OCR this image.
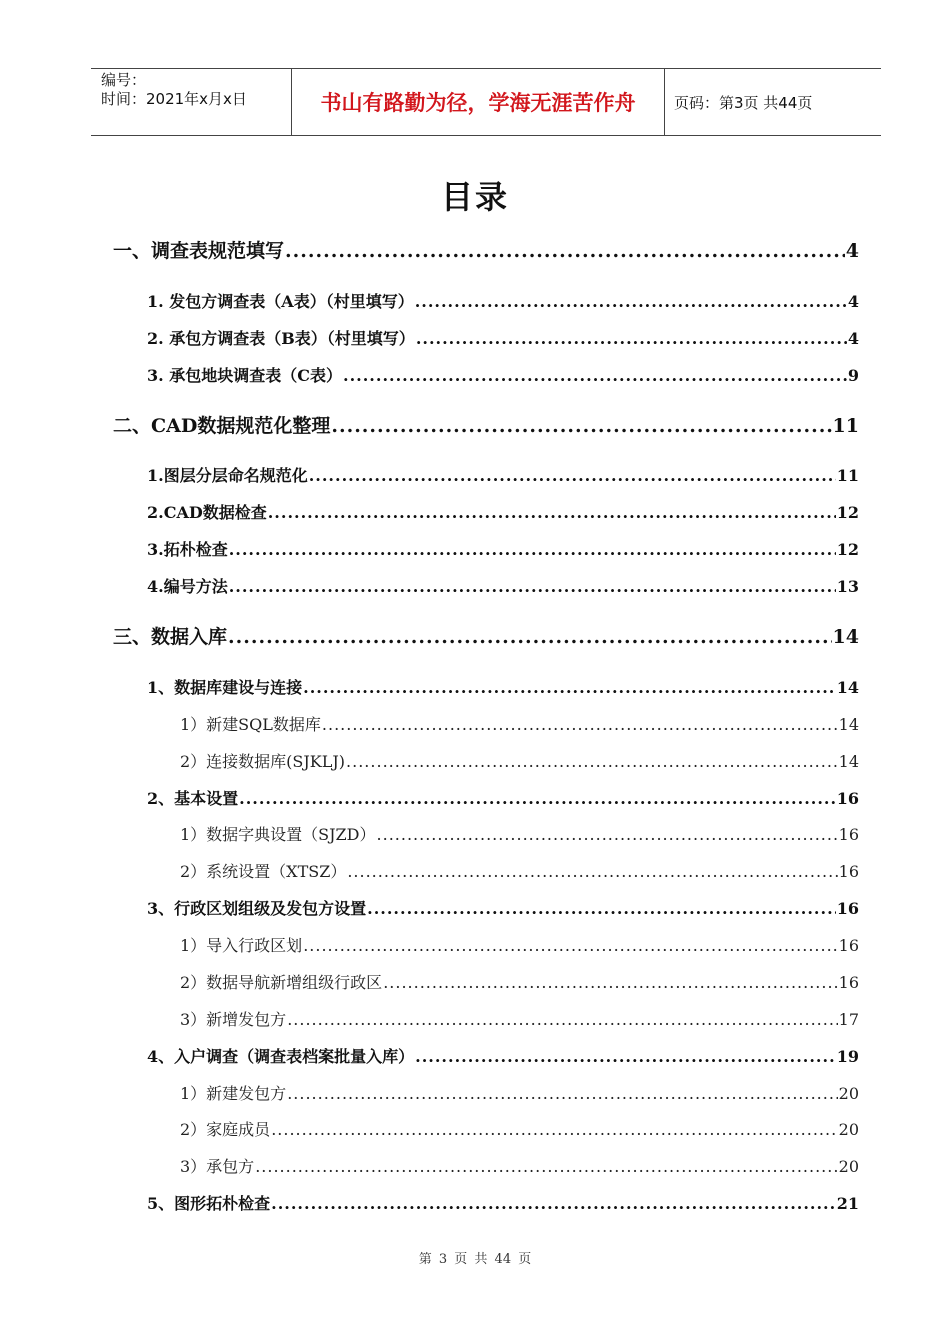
编号：
时间：2021年x月x日	书山有路勤为径，学海无涯苦作舟	页码：第3页 共44页
目录
一、调查表规范填写 .....	4
1. 发包方调查表（A表）（村里填写） .....	4
2. 承包方调查表（B表）（村里填写） .....	4
3. 承包地块调查表（C表） .....	9
二、CAD数据规范化整理 .....	11
1.图层分层命名规范化 .....	11
2.CAD数据检查 .....	12
3.拓朴检查 .....	12
4.编号方法 .....	13
三、数据入库 .....	14
1、数据库建设与连接 .....	14
1）新建SQL数据库 .....	14
2）连接数据库(SJKLJ) .....	14
2、基本设置 .....	16
1）数据字典设置（SJZD） .....	16
2）系统设置（XTSZ） .....	16
3、行政区划组级及发包方设置 .....	16
1）导入行政区划 .....	16
2）数据导航新增组级行政区 .....	16
3）新增发包方 .....	17
4、入户调查（调查表档案批量入库） .....	19
1）新建发包方 .....	20
2）家庭成员 .....	20
3）承包方 .....	20
5、图形拓朴检查 .....	21
第 3 页 共 44 页
